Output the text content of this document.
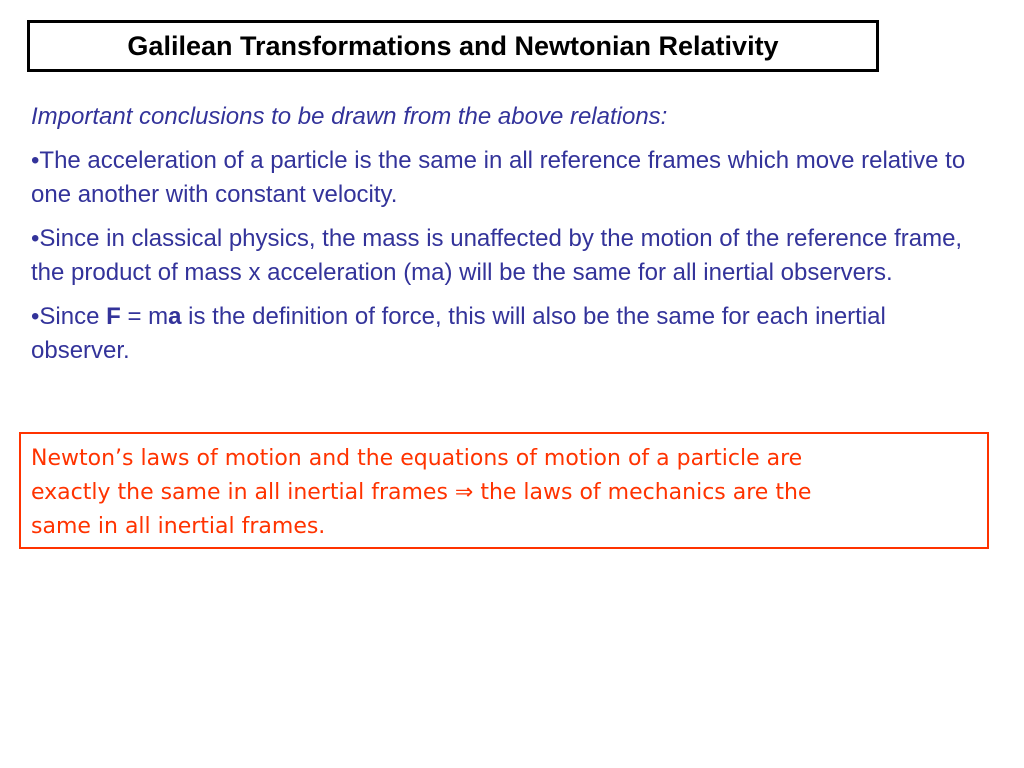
Galilean Transformations and Newtonian Relativity
Important conclusions to be drawn from the above relations:
•The acceleration of a particle is the same in all reference frames which move relative to one another with constant velocity.
•Since in classical physics, the mass is unaffected by the motion of the reference frame, the product of mass x acceleration (ma) will be the same for all inertial observers.
•Since F = ma is the definition of force, this will also be the same for each inertial observer.
Newton’s laws of motion and the equations of motion of a particle are
exactly the same in all inertial frames ⇒ the laws of mechanics are the
same in all inertial frames.
